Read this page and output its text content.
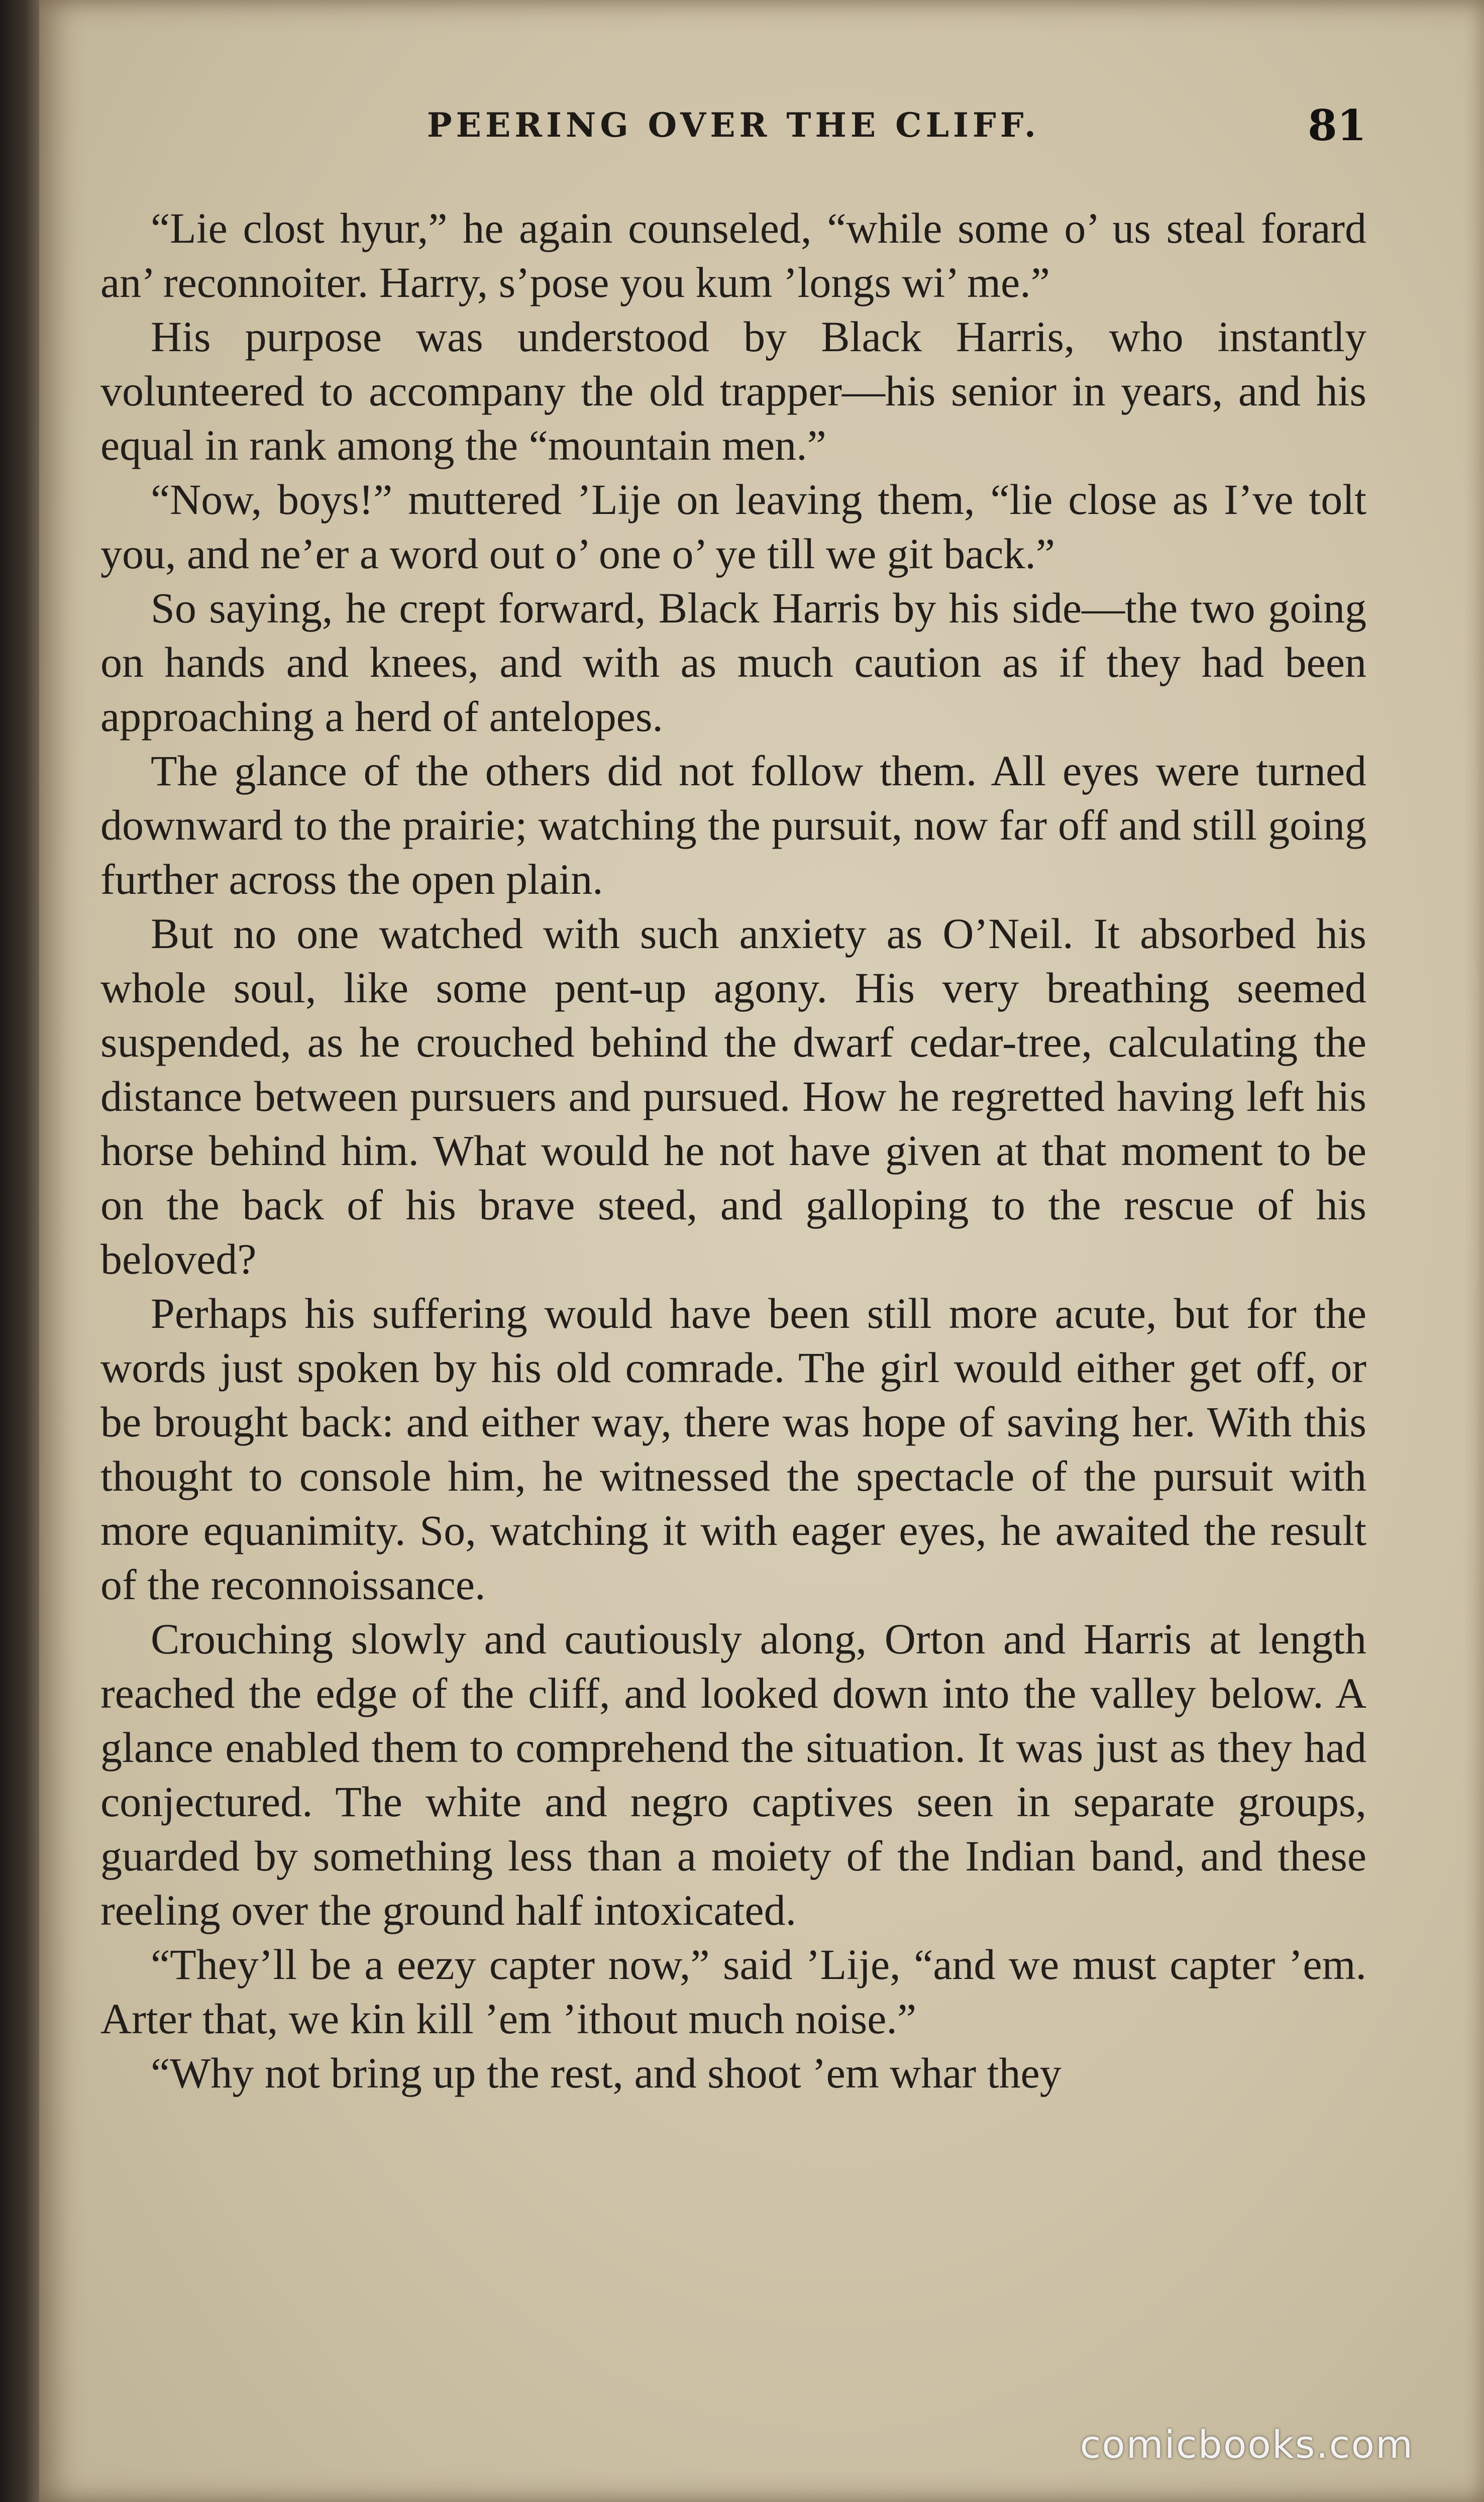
PEERING OVER THE CLIFF.	81

“Lie clost hyur,” he again counseled, “while some o’ us steal forard an’ reconnoiter. Harry, s’pose you kum ’longs wi’ me.”

His purpose was understood by Black Harris, who instantly volunteered to accompany the old trapper—his senior in years, and his equal in rank among the “mountain men.”

“Now, boys!” muttered ’Lije on leaving them, “lie close as I’ve tolt you, and ne’er a word out o’ one o’ ye till we git back.”

So saying, he crept forward, Black Harris by his side—the two going on hands and knees, and with as much caution as if they had been approaching a herd of antelopes.

The glance of the others did not follow them. All eyes were turned downward to the prairie; watching the pursuit, now far off and still going further across the open plain.

But no one watched with such anxiety as O’Neil. It absorbed his whole soul, like some pent-up agony. His very breathing seemed suspended, as he crouched behind the dwarf cedar-tree, calculating the distance between pursuers and pursued. How he regretted having left his horse behind him. What would he not have given at that moment to be on the back of his brave steed, and galloping to the rescue of his beloved?

Perhaps his suffering would have been still more acute, but for the words just spoken by his old comrade. The girl would either get off, or be brought back: and either way, there was hope of saving her. With this thought to console him, he witnessed the spectacle of the pursuit with more equanimity. So, watching it with eager eyes, he awaited the result of the reconnoissance.

Crouching slowly and cautiously along, Orton and Harris at length reached the edge of the cliff, and looked down into the valley below. A glance enabled them to comprehend the situation. It was just as they had conjectured. The white and negro captives seen in separate groups, guarded by something less than a moiety of the Indian band, and these reeling over the ground half intoxicated.

“They’ll be a eezy capter now,” said ’Lije, “and we must capter ’em. Arter that, we kin kill ’em ’ithout much noise.”

“Why not bring up the rest, and shoot ’em whar they

comicbooks.com
